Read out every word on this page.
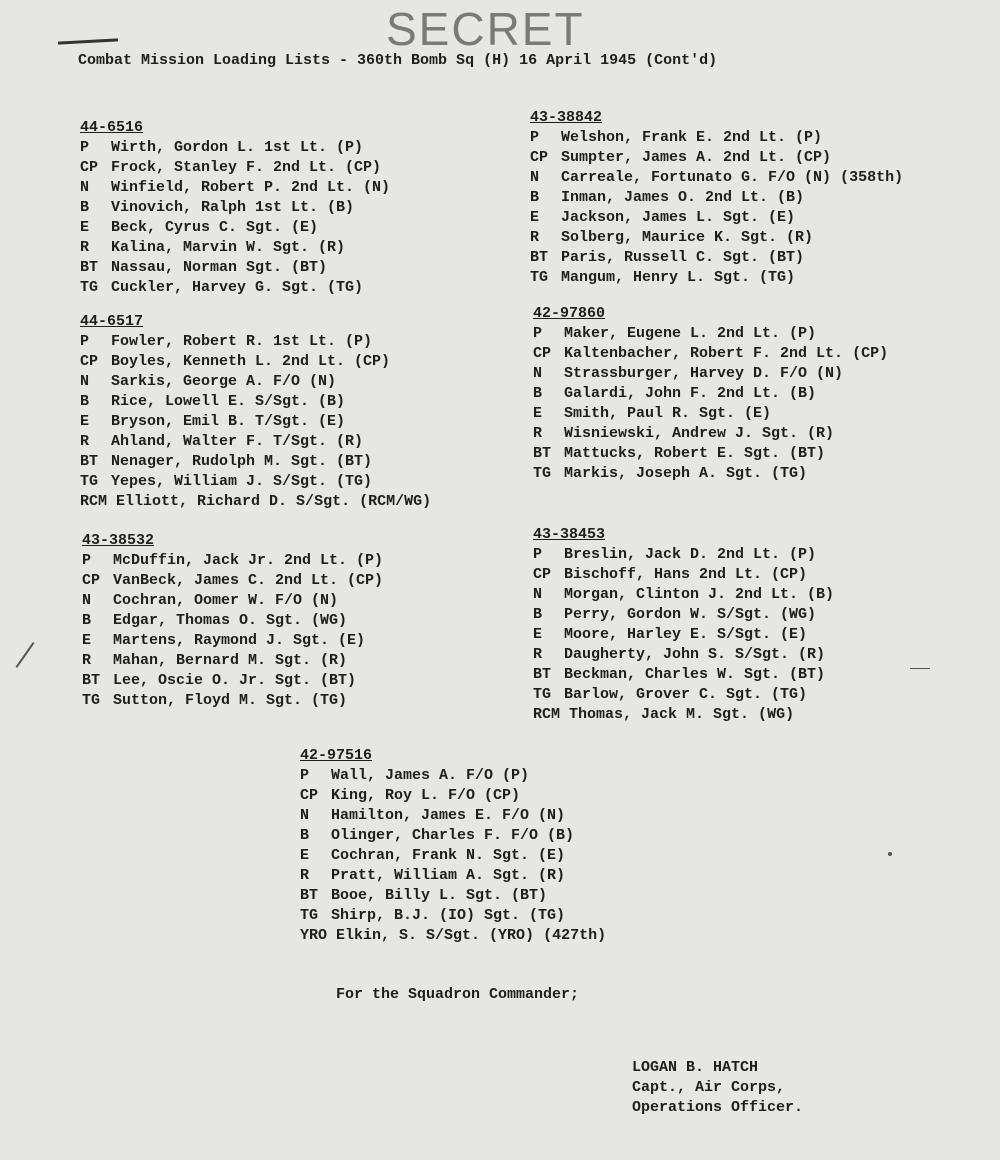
SECRET
Combat Mission Loading Lists - 360th Bomb Sq (H) 16 April 1945 (Cont'd)
44-6516
P Wirth, Gordon L. 1st Lt. (P)
CP Frock, Stanley F. 2nd Lt. (CP)
N Winfield, Robert P. 2nd Lt. (N)
B Vinovich, Ralph 1st Lt. (B)
E Beck, Cyrus C. Sgt. (E)
R Kalina, Marvin W. Sgt. (R)
BT Nassau, Norman Sgt. (BT)
TG Cuckler, Harvey G. Sgt. (TG)
44-6517
P Fowler, Robert R. 1st Lt. (P)
CP Boyles, Kenneth L. 2nd Lt. (CP)
N Sarkis, George A. F/O (N)
B Rice, Lowell E. S/Sgt. (B)
E Bryson, Emil B. T/Sgt. (E)
R Ahland, Walter F. T/Sgt. (R)
BT Nenager, Rudolph M. Sgt. (BT)
TG Yepes, William J. S/Sgt. (TG)
RCM Elliott, Richard D. S/Sgt. (RCM/WG)
43-38532
P McDuffin, Jack Jr. 2nd Lt. (P)
CP VanBeck, James C. 2nd Lt. (CP)
N Cochran, Oomer W. F/O (N)
B Edgar, Thomas O. Sgt. (WG)
E Martens, Raymond J. Sgt. (E)
R Mahan, Bernard M. Sgt. (R)
BT Lee, Oscie O. Jr. Sgt. (BT)
TG Sutton, Floyd M. Sgt. (TG)
43-38842
P Welshon, Frank E. 2nd Lt. (P)
CP Sumpter, James A. 2nd Lt. (CP)
N Carreale, Fortunato G. F/O (N) (358th)
B Inman, James O. 2nd Lt. (B)
E Jackson, James L. Sgt. (E)
R Solberg, Maurice K. Sgt. (R)
BT Paris, Russell C. Sgt. (BT)
TG Mangum, Henry L. Sgt. (TG)
42-97860
P Maker, Eugene L. 2nd Lt. (P)
CP Kaltenbacher, Robert F. 2nd Lt. (CP)
N Strassburger, Harvey D. F/O (N)
B Galardi, John F. 2nd Lt. (B)
E Smith, Paul R. Sgt. (E)
R Wisniewski, Andrew J. Sgt. (R)
BT Mattucks, Robert E. Sgt. (BT)
TG Markis, Joseph A. Sgt. (TG)
43-38453
P Breslin, Jack D. 2nd Lt. (P)
CP Bischoff, Hans 2nd Lt. (CP)
N Morgan, Clinton J. 2nd Lt. (B)
B Perry, Gordon W. S/Sgt. (WG)
E Moore, Harley E. S/Sgt. (E)
R Daugherty, John S. S/Sgt. (R)
BT Beckman, Charles W. Sgt. (BT)
TG Barlow, Grover C. Sgt. (TG)
RCM Thomas, Jack M. Sgt. (WG)
42-97516
P Wall, James A. F/O (P)
CP King, Roy L. F/O (CP)
N Hamilton, James E. F/O (N)
B Olinger, Charles F. F/O (B)
E Cochran, Frank N. Sgt. (E)
R Pratt, William A. Sgt. (R)
BT Booe, Billy L. Sgt. (BT)
TG Shirp, B.J. (IO) Sgt. (TG)
YRO Elkin, S. S/Sgt. (YRO) (427th)
For the Squadron Commander;
LOGAN B. HATCH
Capt., Air Corps,
Operations Officer.
